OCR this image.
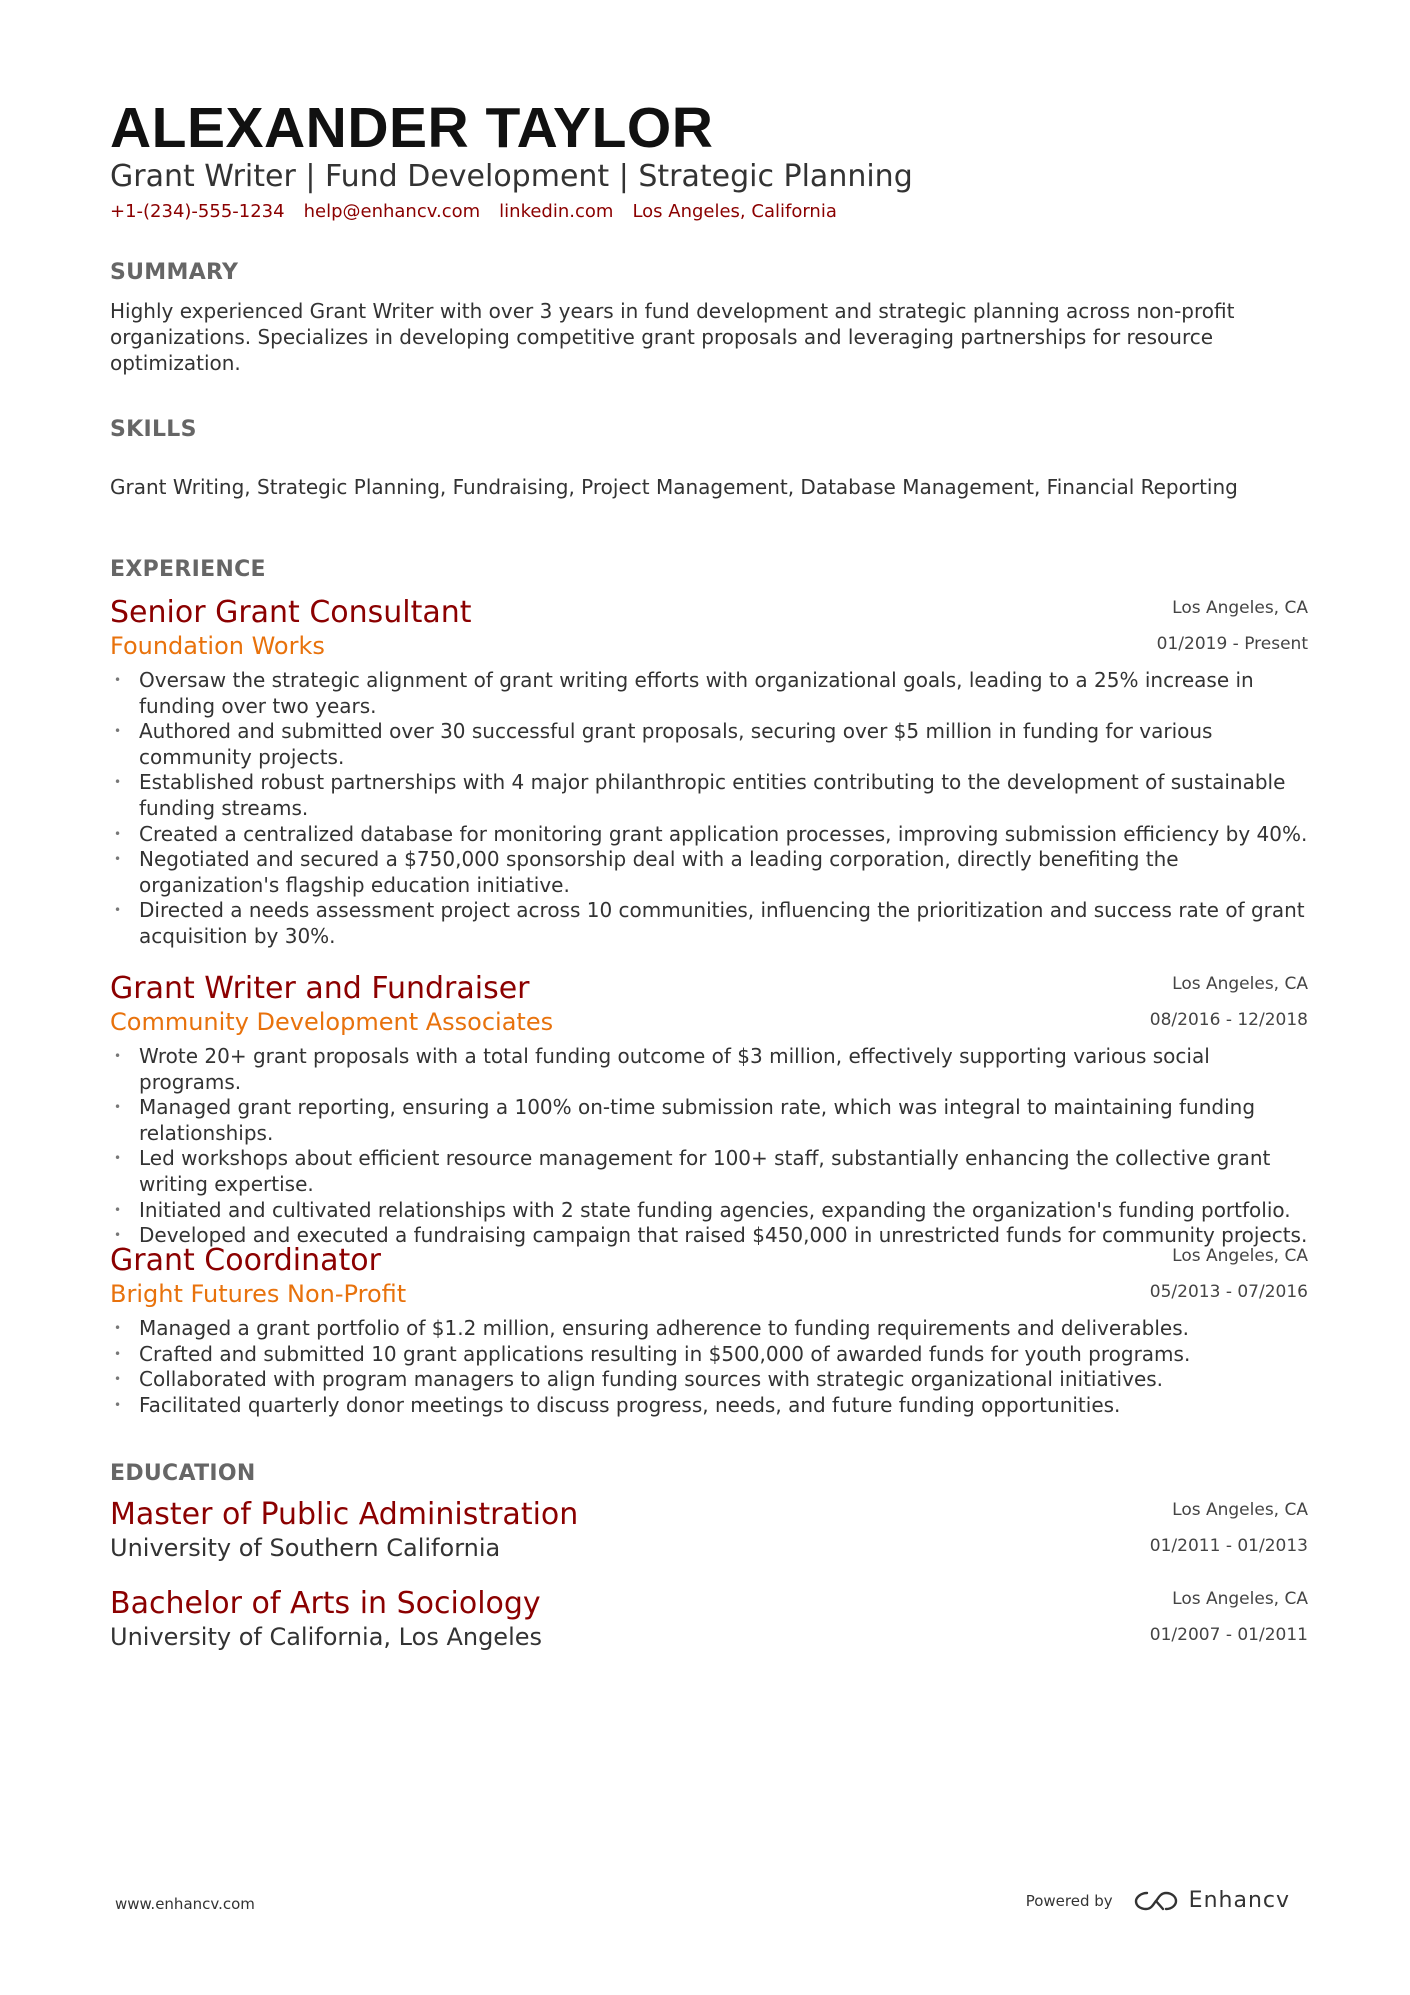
ALEXANDER TAYLOR
Grant Writer | Fund Development | Strategic Planning
+1-(234)-555-1234 help@enhancv.com linkedin.com Los Angeles, California
SUMMARY
Highly experienced Grant Writer with over 3 years in fund development and strategic planning across non-profit organizations. Specializes in developing competitive grant proposals and leveraging partnerships for resource optimization.
SKILLS
Grant Writing, Strategic Planning, Fundraising, Project Management, Database Management, Financial Reporting
EXPERIENCE
Senior Grant Consultant
Foundation Works
Los Angeles, CA
01/2019 - Present
• Oversaw the strategic alignment of grant writing efforts with organizational goals, leading to a 25% increase in funding over two years.
• Authored and submitted over 30 successful grant proposals, securing over $5 million in funding for various community projects.
• Established robust partnerships with 4 major philanthropic entities contributing to the development of sustainable funding streams.
• Created a centralized database for monitoring grant application processes, improving submission efficiency by 40%.
• Negotiated and secured a $750,000 sponsorship deal with a leading corporation, directly benefiting the organization's flagship education initiative.
• Directed a needs assessment project across 10 communities, influencing the prioritization and success rate of grant acquisition by 30%.
Grant Writer and Fundraiser
Community Development Associates
Los Angeles, CA
08/2016 - 12/2018
• Wrote 20+ grant proposals with a total funding outcome of $3 million, effectively supporting various social programs.
• Managed grant reporting, ensuring a 100% on-time submission rate, which was integral to maintaining funding relationships.
• Led workshops about efficient resource management for 100+ staff, substantially enhancing the collective grant writing expertise.
• Initiated and cultivated relationships with 2 state funding agencies, expanding the organization's funding portfolio.
• Developed and executed a fundraising campaign that raised $450,000 in unrestricted funds for community projects.
Grant Coordinator
Bright Futures Non-Profit
Los Angeles, CA
05/2013 - 07/2016
• Managed a grant portfolio of $1.2 million, ensuring adherence to funding requirements and deliverables.
• Crafted and submitted 10 grant applications resulting in $500,000 of awarded funds for youth programs.
• Collaborated with program managers to align funding sources with strategic organizational initiatives.
• Facilitated quarterly donor meetings to discuss progress, needs, and future funding opportunities.
EDUCATION
Master of Public Administration
University of Southern California
Los Angeles, CA
01/2011 - 01/2013
Bachelor of Arts in Sociology
University of California, Los Angeles
Los Angeles, CA
01/2007 - 01/2011
www.enhancv.com	Powered by	Enhancv
